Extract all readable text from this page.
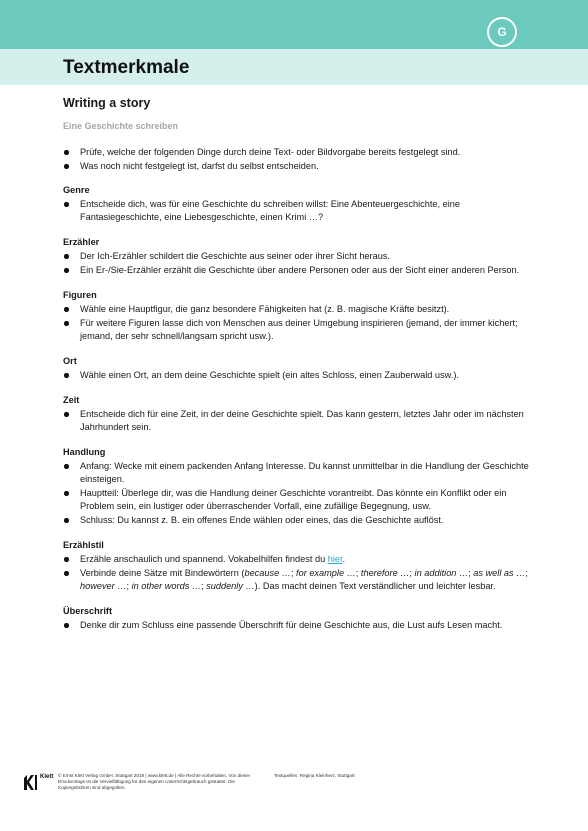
G
Textmerkmale
Writing a story
Eine Geschichte schreiben
Prüfe, welche der folgenden Dinge durch deine Text- oder Bildvorgabe bereits festgelegt sind.
Was noch nicht festgelegt ist, darfst du selbst entscheiden.
Genre
Entscheide dich, was für eine Geschichte du schreiben willst: Eine Abenteuergeschichte, eine Fantasiegeschichte, eine Liebesgeschichte, einen Krimi …?
Erzähler
Der Ich-Erzähler schildert die Geschichte aus seiner oder ihrer Sicht heraus.
Ein Er-/Sie-Erzähler erzählt die Geschichte über andere Personen oder aus der Sicht einer anderen Person.
Figuren
Wähle eine Hauptfigur, die ganz besondere Fähigkeiten hat (z. B. magische Kräfte besitzt).
Für weitere Figuren lasse dich von Menschen aus deiner Umgebung inspirieren (jemand, der immer kichert; jemand, der sehr schnell/langsam spricht usw.).
Ort
Wähle einen Ort, an dem deine Geschichte spielt (ein altes Schloss, einen Zauberwald usw.).
Zeit
Entscheide dich für eine Zeit, in der deine Geschichte spielt. Das kann gestern, letztes Jahr oder im nächsten Jahrhundert sein.
Handlung
Anfang: Wecke mit einem packenden Anfang Interesse. Du kannst unmittelbar in die Handlung der Geschichte einsteigen.
Hauptteil: Überlege dir, was die Handlung deiner Geschichte vorantreibt. Das könnte ein Konflikt oder ein Problem sein, ein lustiger oder überraschender Vorfall, eine zufällige Begegnung, usw.
Schluss: Du kannst z. B. ein offenes Ende wählen oder eines, das die Geschichte auflöst.
Erzählstil
Erzähle anschaulich und spannend. Vokabelhilfen findest du hier.
Verbinde deine Sätze mit Bindewörtern (because …; for example …; therefore …; in addition …; as well as …; however …; in other words …; suddenly …). Das macht deinen Text verständlicher und leichter lesbar.
Überschrift
Denke dir zum Schluss eine passende Überschrift für deine Geschichte aus, die Lust aufs Lesen macht.
Klett © Ernst Klett Verlag GmbH, Stuttgart 2019 | www.klett.de | Alle Rechte vorbehalten. Von dieser Druckvorlage ist die Vervielfältigung für den eigenen Unterrichtsgebrauch gestattet. Die Kopiergebühren sind abgegolten.
Textquellen: Regina Kleinherz, Stuttgart
